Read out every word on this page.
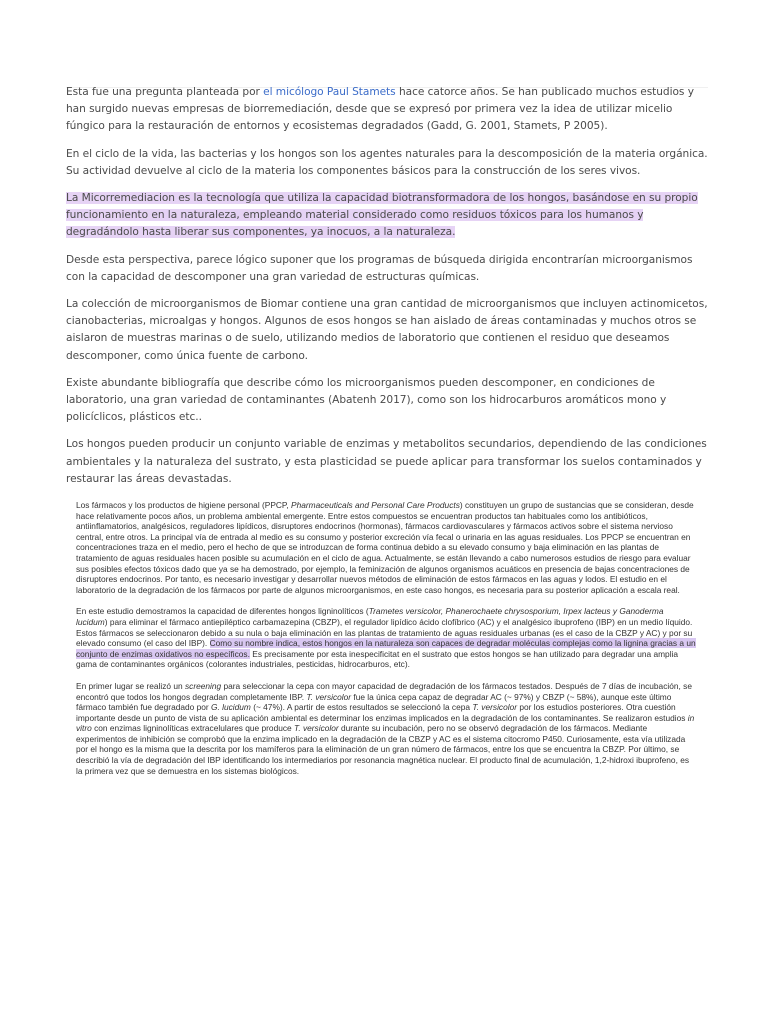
Esta fue una pregunta planteada por el micólogo Paul Stamets hace catorce años. Se han publicado muchos estudios y han surgido nuevas empresas de biorremediación, desde que se expresó por primera vez la idea de utilizar micelio fúngico para la restauración de entornos y ecosistemas degradados (Gadd, G. 2001, Stamets, P 2005).

En el ciclo de la vida, las bacterias y los hongos son los agentes naturales para la descomposición de la materia orgánica. Su actividad devuelve al ciclo de la materia los componentes básicos para la construcción de los seres vivos.

La Micorremediacion es la tecnología que utiliza la capacidad biotransformadora de los hongos, basándose en su propio funcionamiento en la naturaleza, empleando material considerado como residuos tóxicos para los humanos y degradándolo hasta liberar sus componentes, ya inocuos, a la naturaleza.

Desde esta perspectiva, parece lógico suponer que los programas de búsqueda dirigida encontrarían microorganismos con la capacidad de descomponer una gran variedad de estructuras químicas.

La colección de microorganismos de Biomar contiene una gran cantidad de microorganismos que incluyen actinomicetos, cianobacterias, microalgas y hongos. Algunos de esos hongos se han aislado de áreas contaminadas y muchos otros se aislaron de muestras marinas o de suelo, utilizando medios de laboratorio que contienen el residuo que deseamos descomponer, como única fuente de carbono.

Existe abundante bibliografía que describe cómo los microorganismos pueden descomponer, en condiciones de laboratorio, una gran variedad de contaminantes (Abatenh 2017), como son los hidrocarburos aromáticos mono y policíclicos, plásticos etc..

Los hongos pueden producir un conjunto variable de enzimas y metabolitos secundarios, dependiendo de las condiciones ambientales y la naturaleza del sustrato, y esta plasticidad se puede aplicar para transformar los suelos contaminados y restaurar las áreas devastadas.

Los fármacos y los productos de higiene personal (PPCP, Pharmaceuticals and Personal Care Products) constituyen un grupo de sustancias que se consideran, desde hace relativamente pocos años, un problema ambiental emergente. Entre estos compuestos se encuentran productos tan habituales como los antibióticos, antiinflamatorios, analgésicos, reguladores lipídicos, disruptores endocrinos (hormonas), fármacos cardiovasculares y fármacos activos sobre el sistema nervioso central, entre otros. La principal vía de entrada al medio es su consumo y posterior excreción vía fecal o urinaria en las aguas residuales. Los PPCP se encuentran en concentraciones traza en el medio, pero el hecho de que se introduzcan de forma continua debido a su elevado consumo y baja eliminación en las plantas de tratamiento de aguas residuales hacen posible su acumulación en el ciclo de agua. Actualmente, se están llevando a cabo numerosos estudios de riesgo para evaluar sus posibles efectos tóxicos dado que ya se ha demostrado, por ejemplo, la feminización de algunos organismos acuáticos en presencia de bajas concentraciones de disruptores endocrinos. Por tanto, es necesario investigar y desarrollar nuevos métodos de eliminación de estos fármacos en las aguas y lodos. El estudio en el laboratorio de la degradación de los fármacos por parte de algunos microorganismos, en este caso hongos, es necesaria para su posterior aplicación a escala real.

En este estudio demostramos la capacidad de diferentes hongos ligninolíticos (Trametes versicolor, Phanerochaete chrysosporium, Irpex lacteus y Ganoderma lucidum) para eliminar el fármaco antiepiléptico carbamazepina (CBZP), el regulador lipídico ácido clofíbrico (AC) y el analgésico ibuprofeno (IBP) en un medio líquido. Estos fármacos se seleccionaron debido a su nula o baja eliminación en las plantas de tratamiento de aguas residuales urbanas (es el caso de la CBZP y AC) y por su elevado consumo (el caso del IBP). Como su nombre indica, estos hongos en la naturaleza son capaces de degradar moléculas complejas como la lignina gracias a un conjunto de enzimas oxidativos no específicos. Es precisamente por esta inespecificitat en el sustrato que estos hongos se han utilizado para degradar una amplia gama de contaminantes orgánicos (colorantes industriales, pesticidas, hidrocarburos, etc).

En primer lugar se realizó un screening para seleccionar la cepa con mayor capacidad de degradación de los fármacos testados. Después de 7 días de incubación, se encontró que todos los hongos degradan completamente IBP. T. versicolor fue la única cepa capaz de degradar AC (~ 97%) y CBZP (~ 58%), aunque este último fármaco también fue degradado por G. lucidum (~ 47%). A partir de estos resultados se seleccionó la cepa T. versicolor por los estudios posteriores. Otra cuestión importante desde un punto de vista de su aplicación ambiental es determinar los enzimas implicados en la degradación de los contaminantes. Se realizaron estudios in vitro con enzimas ligninolíticas extracelulares que produce T. versicolor durante su incubación, pero no se observó degradación de los fármacos. Mediante experimentos de inhibición se comprobó que la enzima implicado en la degradación de la CBZP y AC es el sistema citocromo P450. Curiosamente, esta vía utilizada por el hongo es la misma que la descrita por los mamíferos para la eliminación de un gran número de fármacos, entre los que se encuentra la CBZP. Por último, se describió la vía de degradación del IBP identificando los intermediarios por resonancia magnética nuclear. El producto final de acumulación, 1,2-hidroxi ibuprofeno, es la primera vez que se demuestra en los sistemas biológicos.
